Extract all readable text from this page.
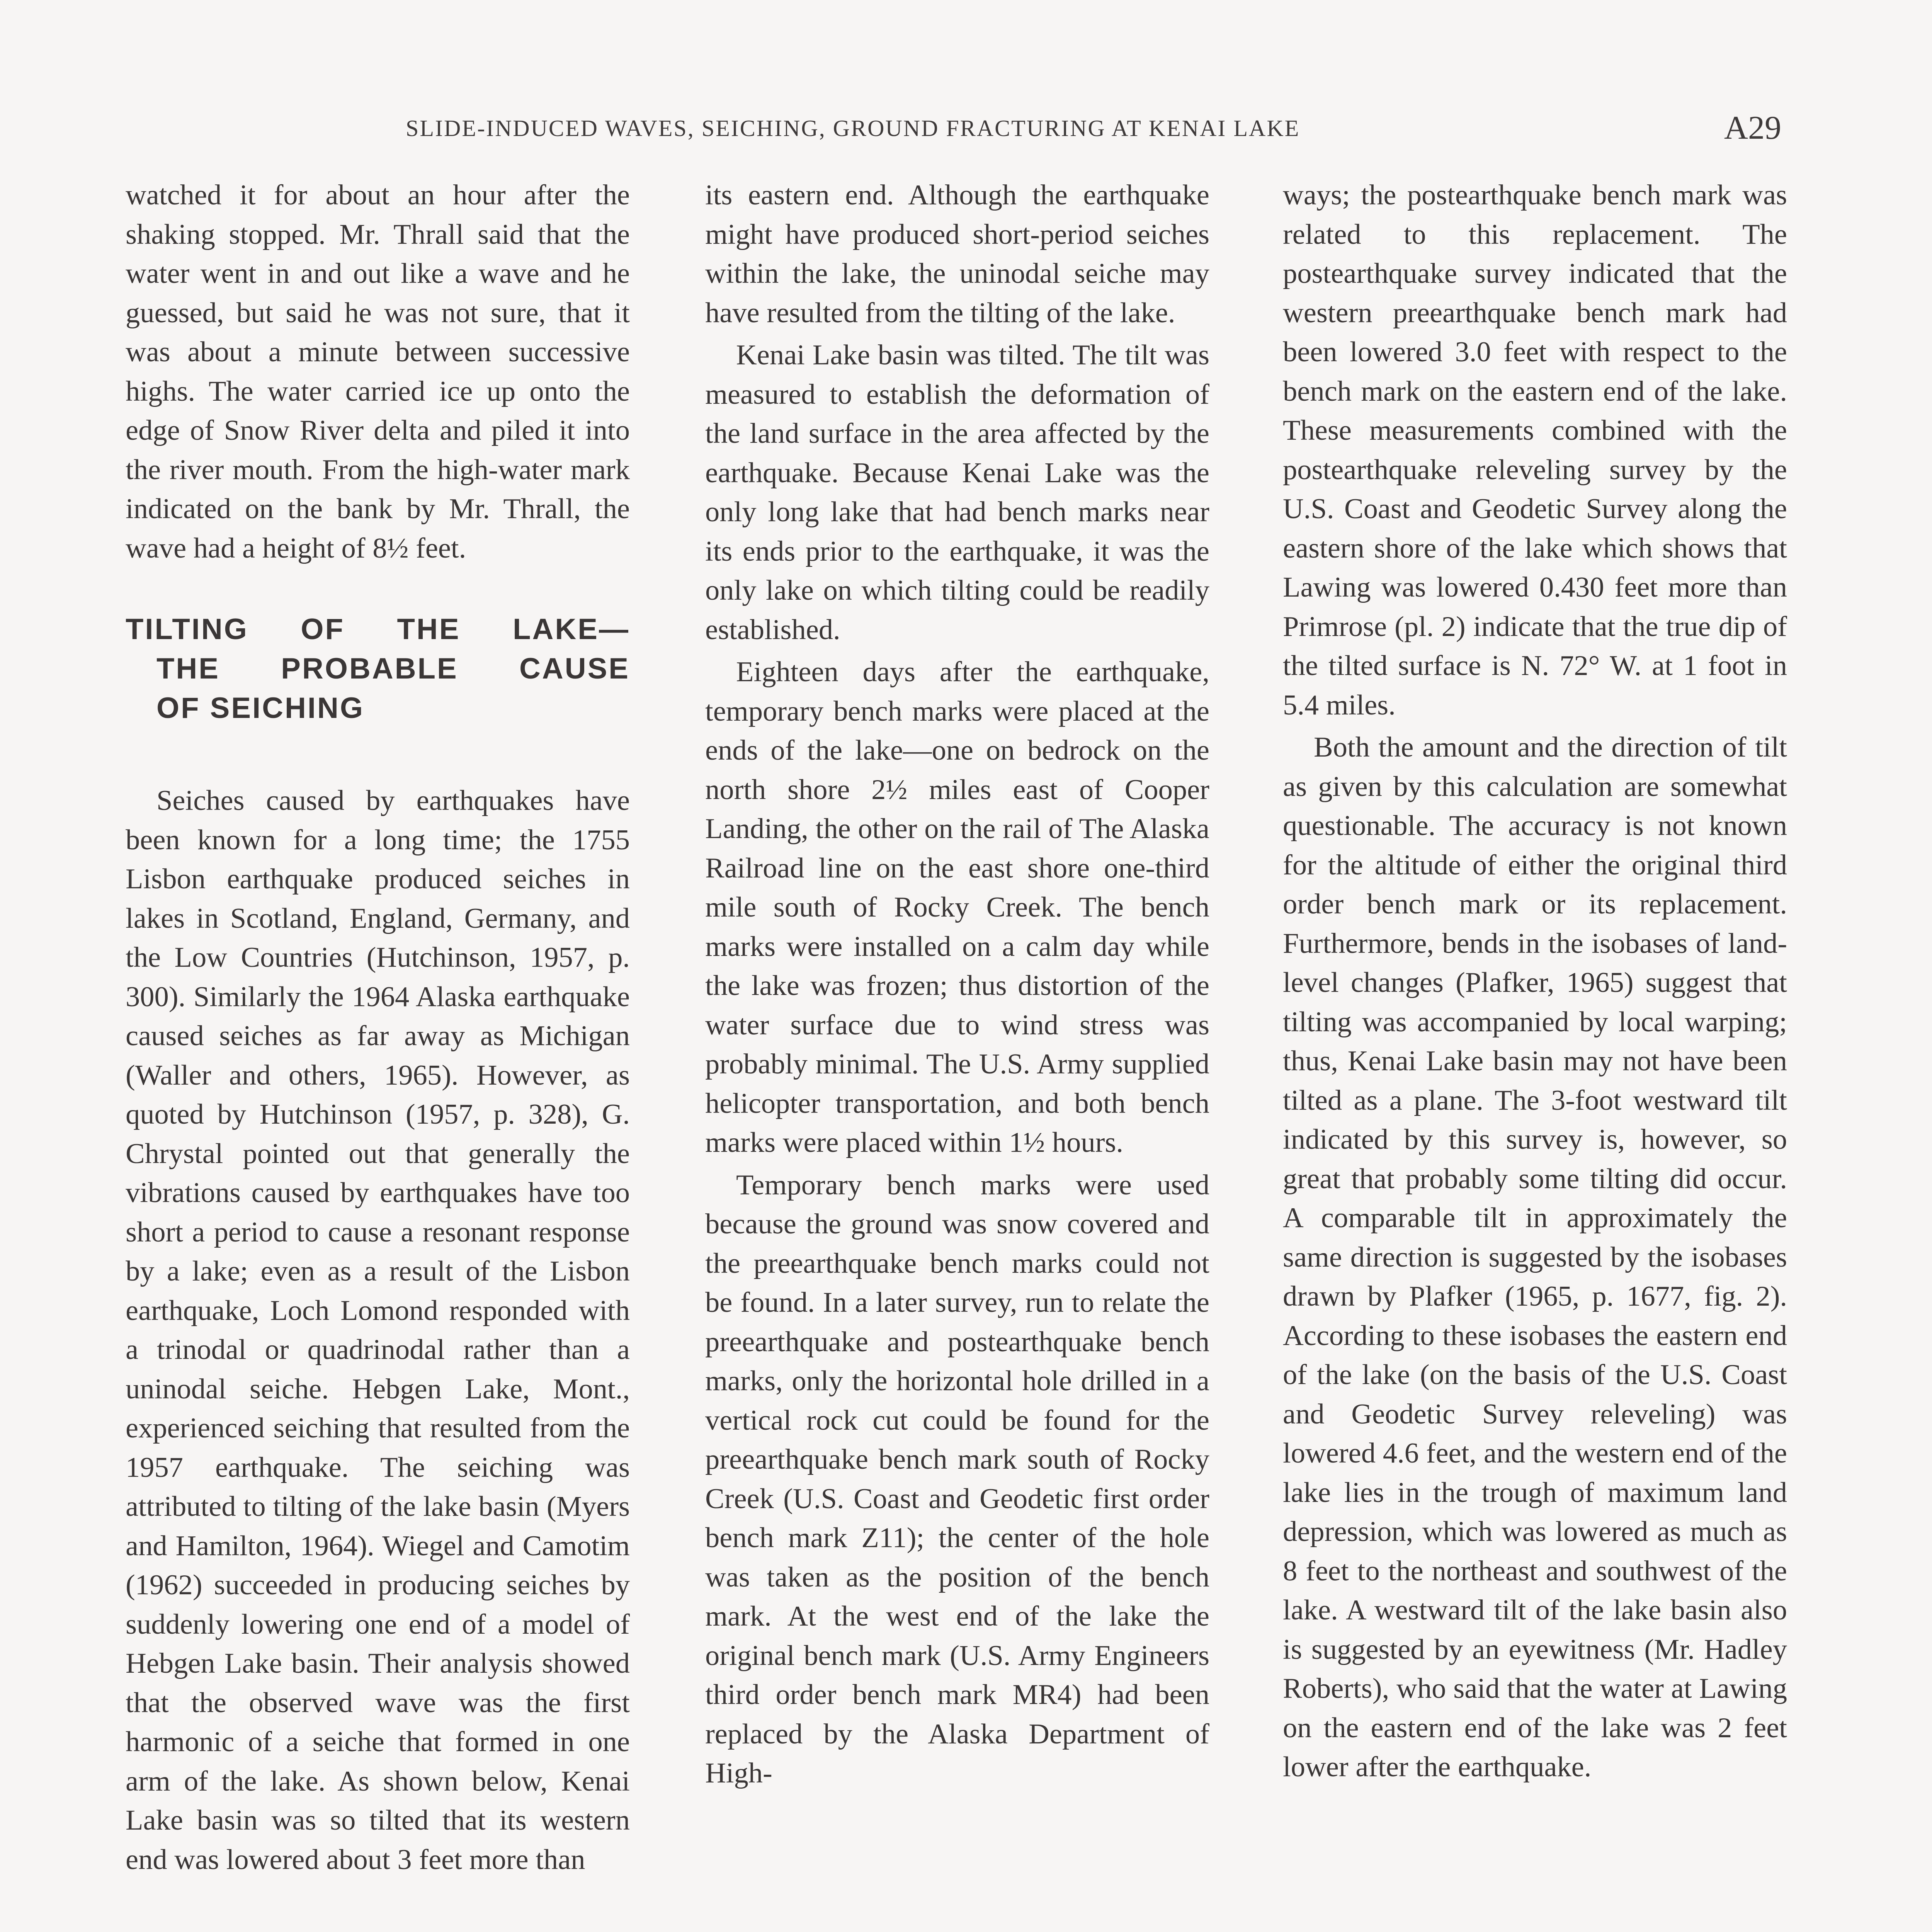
SLIDE-INDUCED WAVES, SEICHING, GROUND FRACTURING AT KENAI LAKE	A29

watched it for about an hour after the shaking stopped. Mr. Thrall said that the water went in and out like a wave and he guessed, but said he was not sure, that it was about a minute between successive highs. The water carried ice up onto the edge of Snow River delta and piled it into the river mouth. From the high-water mark indicated on the bank by Mr. Thrall, the wave had a height of 8½ feet.

TILTING OF THE LAKE—
THE PROBABLE CAUSE
OF SEICHING

Seiches caused by earthquakes have been known for a long time; the 1755 Lisbon earthquake produced seiches in lakes in Scotland, England, Germany, and the Low Countries (Hutchinson, 1957, p. 300). Similarly the 1964 Alaska earthquake caused seiches as far away as Michigan (Waller and others, 1965). However, as quoted by Hutchinson (1957, p. 328), G. Chrystal pointed out that generally the vibrations caused by earthquakes have too short a period to cause a resonant response by a lake; even as a result of the Lisbon earthquake, Loch Lomond responded with a trinodal or quadrinodal rather than a uninodal seiche. Hebgen Lake, Mont., experienced seiching that resulted from the 1957 earthquake. The seiching was attributed to tilting of the lake basin (Myers and Hamilton, 1964). Wiegel and Camotim (1962) succeeded in producing seiches by suddenly lowering one end of a model of Hebgen Lake basin. Their analysis showed that the observed wave was the first harmonic of a seiche that formed in one arm of the lake. As shown below, Kenai Lake basin was so tilted that its western end was lowered about 3 feet more than

its eastern end. Although the earthquake might have produced short-period seiches within the lake, the uninodal seiche may have resulted from the tilting of the lake.

Kenai Lake basin was tilted. The tilt was measured to establish the deformation of the land surface in the area affected by the earthquake. Because Kenai Lake was the only long lake that had bench marks near its ends prior to the earthquake, it was the only lake on which tilting could be readily established.

Eighteen days after the earthquake, temporary bench marks were placed at the ends of the lake—one on bedrock on the north shore 2½ miles east of Cooper Landing, the other on the rail of The Alaska Railroad line on the east shore one-third mile south of Rocky Creek. The bench marks were installed on a calm day while the lake was frozen; thus distortion of the water surface due to wind stress was probably minimal. The U.S. Army supplied helicopter transportation, and both bench marks were placed within 1½ hours.

Temporary bench marks were used because the ground was snow covered and the preearthquake bench marks could not be found. In a later survey, run to relate the preearthquake and postearthquake bench marks, only the horizontal hole drilled in a vertical rock cut could be found for the preearthquake bench mark south of Rocky Creek (U.S. Coast and Geodetic first order bench mark Z11); the center of the hole was taken as the position of the bench mark. At the west end of the lake the original bench mark (U.S. Army Engineers third order bench mark MR4) had been replaced by the Alaska Department of High-

ways; the postearthquake bench mark was related to this replacement. The postearthquake survey indicated that the western preearthquake bench mark had been lowered 3.0 feet with respect to the bench mark on the eastern end of the lake. These measurements combined with the postearthquake releveling survey by the U.S. Coast and Geodetic Survey along the eastern shore of the lake which shows that Lawing was lowered 0.430 feet more than Primrose (pl. 2) indicate that the true dip of the tilted surface is N. 72° W. at 1 foot in 5.4 miles.

Both the amount and the direction of tilt as given by this calculation are somewhat questionable. The accuracy is not known for the altitude of either the original third order bench mark or its replacement. Furthermore, bends in the isobases of land-level changes (Plafker, 1965) suggest that tilting was accompanied by local warping; thus, Kenai Lake basin may not have been tilted as a plane. The 3-foot westward tilt indicated by this survey is, however, so great that probably some tilting did occur. A comparable tilt in approximately the same direction is suggested by the isobases drawn by Plafker (1965, p. 1677, fig. 2). According to these isobases the eastern end of the lake (on the basis of the U.S. Coast and Geodetic Survey releveling) was lowered 4.6 feet, and the western end of the lake lies in the trough of maximum land depression, which was lowered as much as 8 feet to the northeast and southwest of the lake. A westward tilt of the lake basin also is suggested by an eyewitness (Mr. Hadley Roberts), who said that the water at Lawing on the eastern end of the lake was 2 feet lower after the earthquake.
